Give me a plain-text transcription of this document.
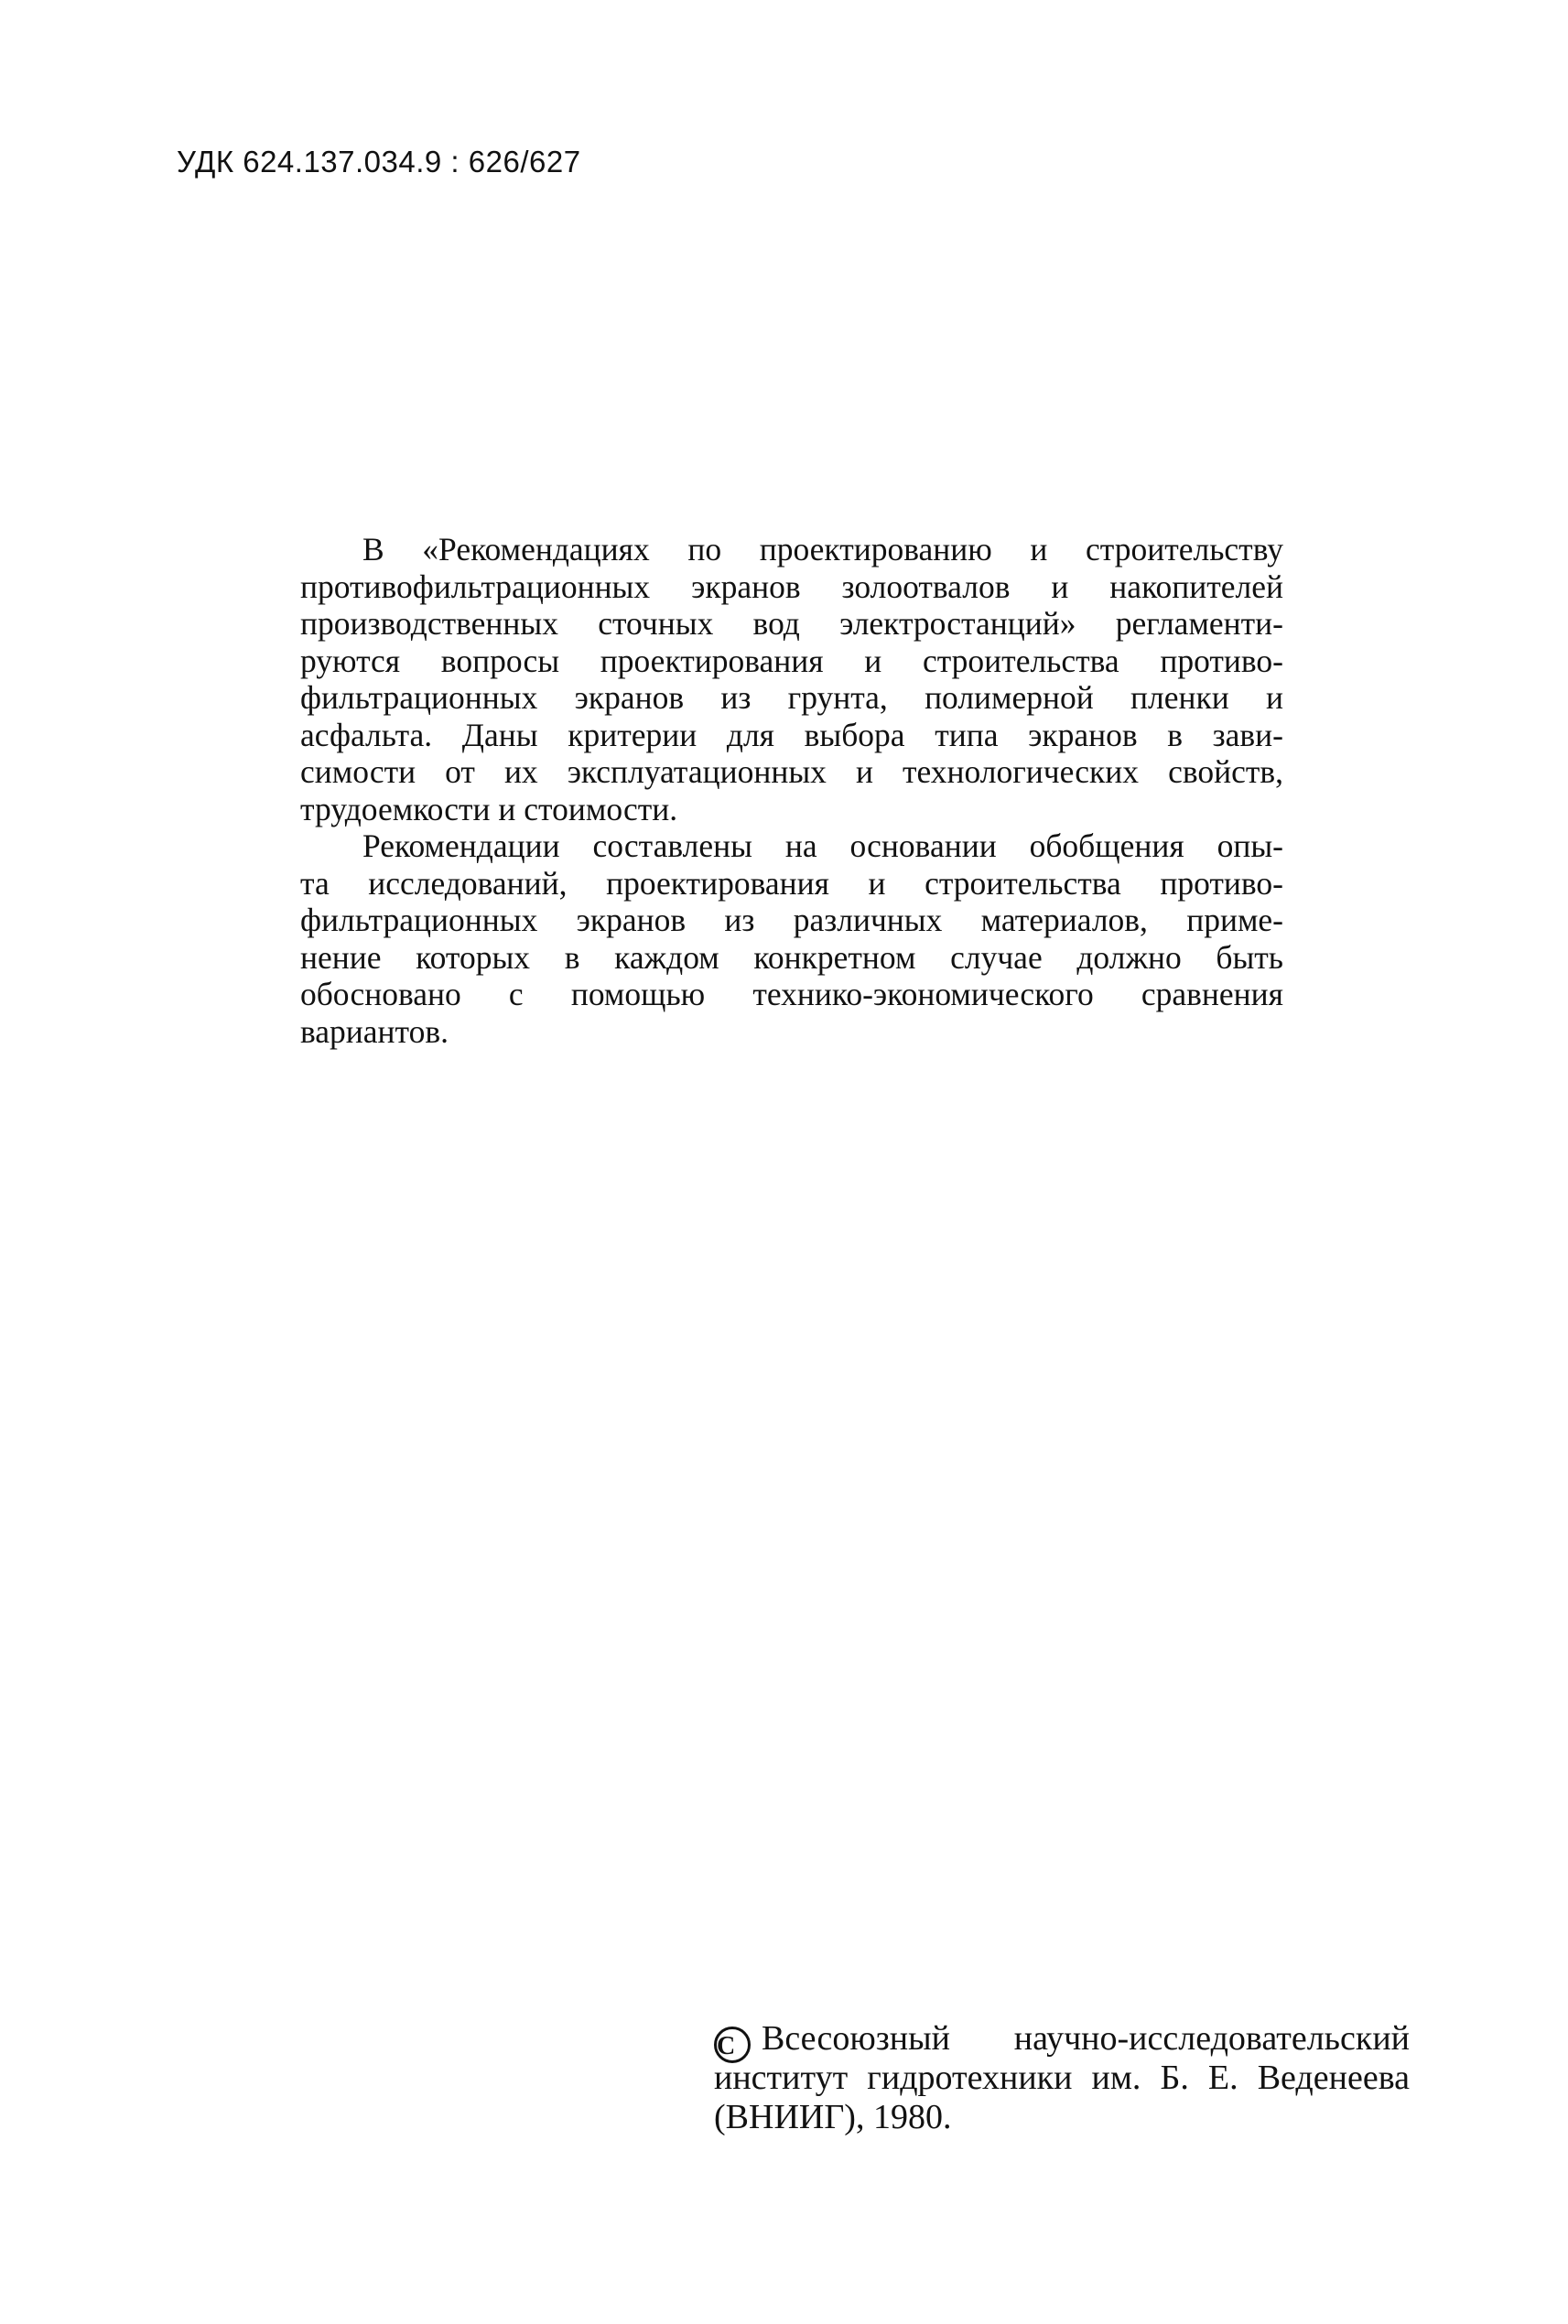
УДК 624.137.034.9 : 626/627

В «Рекомендациях по проектированию и строительству
противофильтрационных экранов золоотвалов и накопителей
производственных сточных вод электростанций» регламенти-
руются вопросы проектирования и строительства противо-
фильтрационных экранов из грунта, полимерной пленки и
асфальта. Даны критерии для выбора типа экранов в зави-
симости от их эксплуатационных и технологических свойств,
трудоемкости и стоимости.

Рекомендации составлены на основании обобщения опы-
та исследований, проектирования и строительства противо-
фильтрационных экранов из различных материалов, приме-
нение которых в каждом конкретном случае должно быть
обосновано с помощью технико-экономического сравнения
вариантов.

C Всесоюзный научно-исследовательский
институт гидротехники им. Б. Е. Веденеева
(ВНИИГ), 1980.
